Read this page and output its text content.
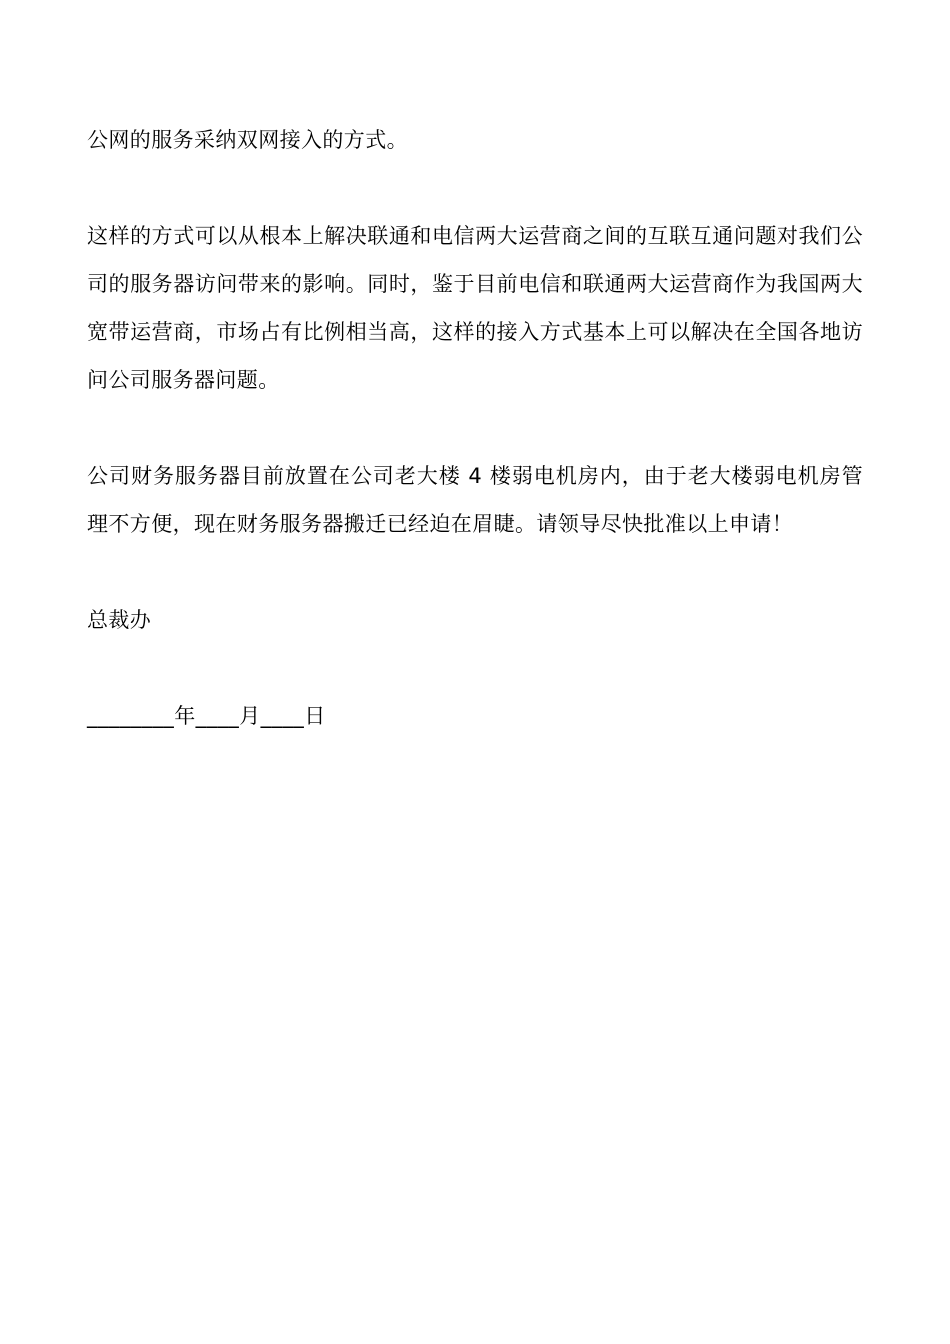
公网的服务采纳双网接入的方式。

这样的方式可以从根本上解决联通和电信两大运营商之间的互联互通问题对我们公司的服务器访问带来的影响。同时，鉴于目前电信和联通两大运营商作为我国两大宽带运营商，市场占有比例相当高，这样的接入方式基本上可以解决在全国各地访问公司服务器问题。

公司财务服务器目前放置在公司老大楼 4 楼弱电机房内，由于老大楼弱电机房管理不方便，现在财务服务器搬迁已经迫在眉睫。请领导尽快批准以上申请！

总裁办

________年____月____日
